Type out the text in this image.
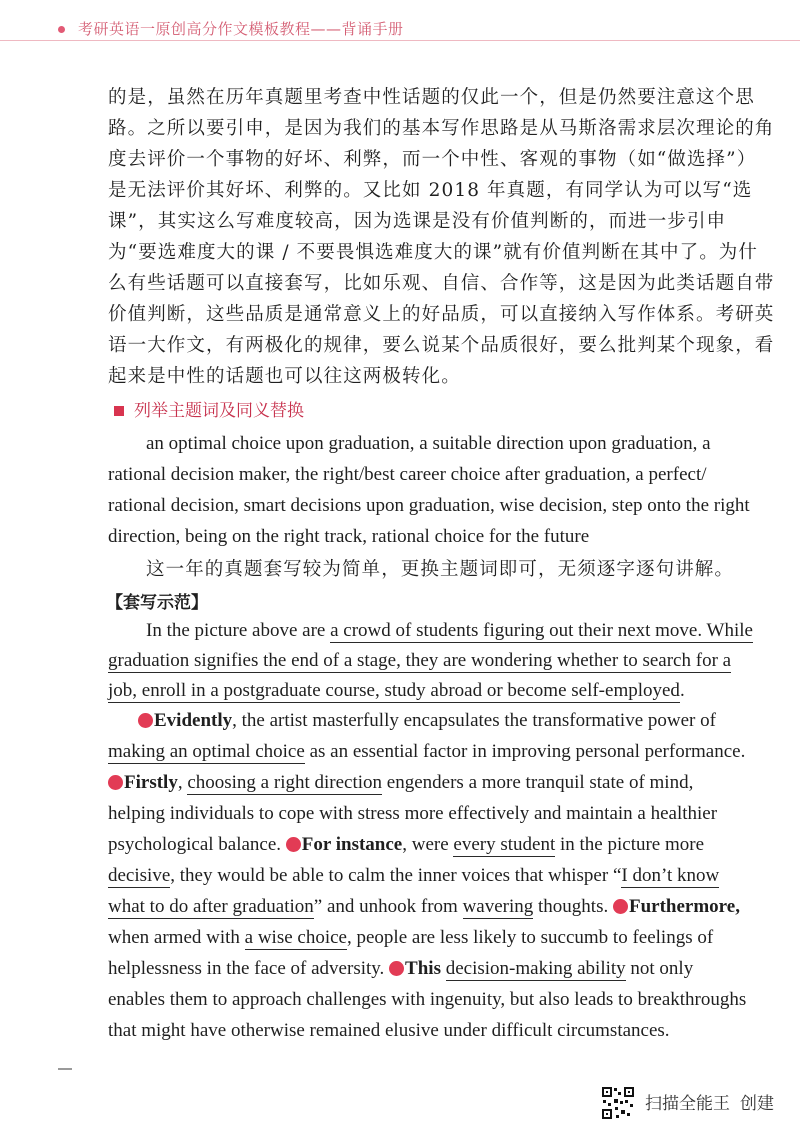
考研英语一原创高分作文模板教程——背诵手册
的是，虽然在历年真题里考查中性话题的仅此一个，但是仍然要注意这个思
路。之所以要引申，是因为我们的基本写作思路是从马斯洛需求层次理论的角
度去评价一个事物的好坏、利弊，而一个中性、客观的事物（如“做选择”）
是无法评价其好坏、利弊的。又比如 2018 年真题，有同学认为可以写“选
课”，其实这么写难度较高，因为选课是没有价值判断的，而进一步引申
为“要选难度大的课 / 不要畏惧选难度大的课”就有价值判断在其中了。为什
么有些话题可以直接套写，比如乐观、自信、合作等，这是因为此类话题自带
价值判断，这些品质是通常意义上的好品质，可以直接纳入写作体系。考研英
语一大作文，有两极化的规律，要么说某个品质很好，要么批判某个现象，看
起来是中性的话题也可以往这两极转化。
列举主题词及同义替换
an optimal choice upon graduation, a suitable direction upon graduation, a
rational decision maker, the right/best career choice after graduation, a perfect/
rational decision, smart decisions upon graduation, wise decision, step onto the right
direction, being on the right track, rational choice for the future
这一年的真题套写较为简单，更换主题词即可，无须逐字逐句讲解。
【套写示范】
In the picture above are a crowd of students figuring out their next move. While
graduation signifies the end of a stage, they are wondering whether to search for a
job, enroll in a postgraduate course, study abroad or become self-employed.
Evidently, the artist masterfully encapsulates the transformative power of
making an optimal choice as an essential factor in improving personal performance.
Firstly, choosing a right direction engenders a more tranquil state of mind,
helping individuals to cope with stress more effectively and maintain a healthier
psychological balance. For instance, were every student in the picture more
decisive, they would be able to calm the inner voices that whisper “I don’t know
what to do after graduation” and unhook from wavering thoughts. Furthermore,
when armed with a wise choice, people are less likely to succumb to feelings of
helplessness in the face of adversity. This decision-making ability not only
enables them to approach challenges with ingenuity, but also leads to breakthroughs
that might have otherwise remained elusive under difficult circumstances.
扫描全能王 创建
